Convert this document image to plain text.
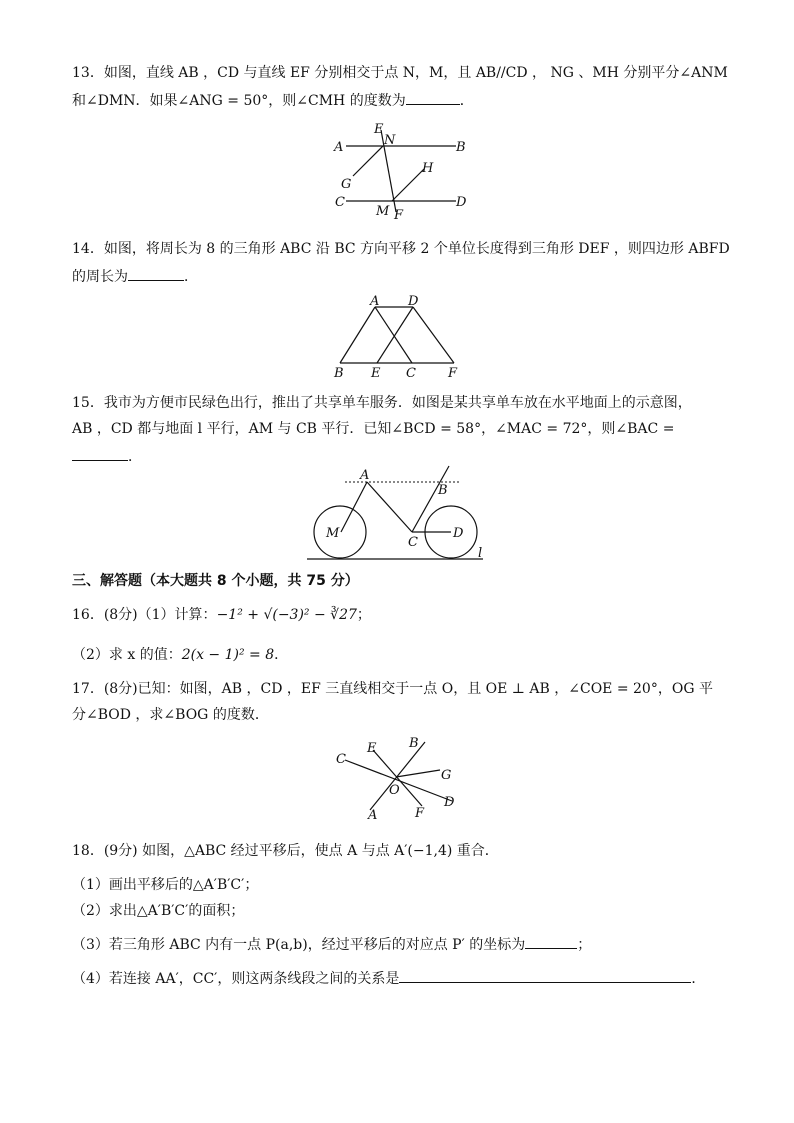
13．如图，直线 AB ，CD 与直线 EF 分别相交于点 N，M，且 AB//CD ， NG 、MH 分别平分∠ANM
和∠DMN．如果∠ANG = 50°，则∠CMH 的度数为	．
A	B
C	D
E
N
G
H
M F
14．如图，将周长为 8 的三角形 ABC 沿 BC 方向平移 2 个单位长度得到三角形 DEF ，则四边形 ABFD
的周长为	．
A D
B E C F
15．我市为方便市民绿色出行，推出了共享单车服务．如图是某共享单车放在水平地面上的示意图，
AB ，CD 都与地面 l 平行，AM 与 CB 平行．已知∠BCD = 58°，∠MAC = 72°，则∠BAC =
．
A
B
M
C
D
l
三、解答题（本大题共 8 个小题，共 75 分）
16．(8分)（1）计算：−1² + √(−3)² − ∛27；
（2）求 x 的值：2(x − 1)² = 8．
17．(8分)已知：如图，AB ，CD ，EF 三直线相交于一点 O，且 OE ⊥ AB ，∠COE = 20°，OG 平
分∠BOD ，求∠BOG 的度数．
C
E	B
G
O
A	F
D
18．(9分) 如图，△ABC 经过平移后，使点 A 与点 A′(−1,4) 重合．
（1）画出平移后的△A′B′C′；
（2）求出△A′B′C′的面积；
（3）若三角形 ABC 内有一点 P(a,b)，经过平移后的对应点 P′ 的坐标为	；
（4）若连接 AA′，CC′，则这两条线段之间的关系是	．
